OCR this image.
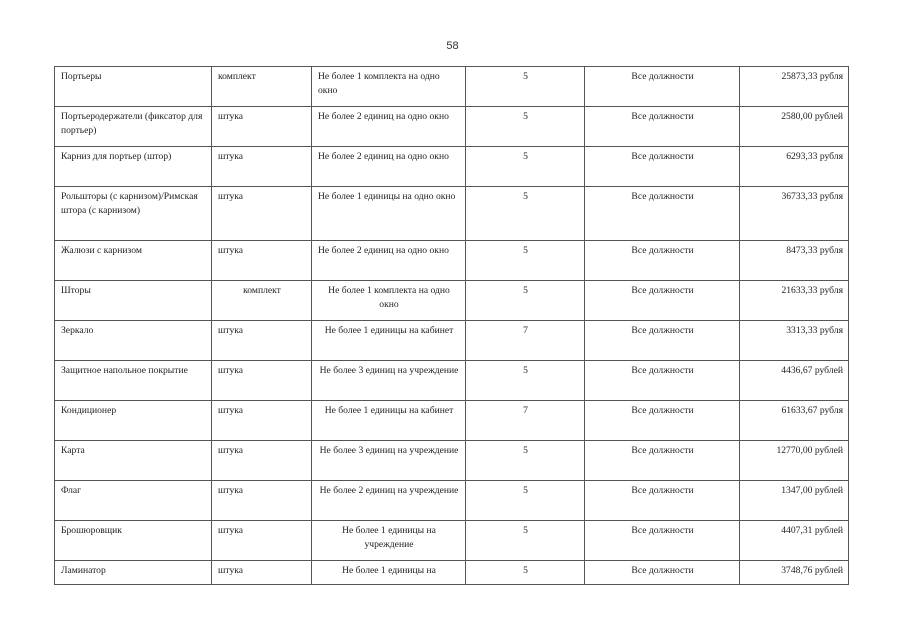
58
Портьеры	комплект	Не более 1 комплекта на одно окно	5	Все должности	25873,33 рубля
Портьеродержатели (фиксатор для портьер)	штука	Не более 2 единиц на одно окно	5	Все должности	2580,00 рублей
Карниз для портьер (штор)	штука	Не более 2 единиц на одно окно	5	Все должности	6293,33 рубля
Рольшторы (с карнизом)/Римская штора (с карнизом)	штука	Не более 1 единицы на одно окно	5	Все должности	36733,33 рубля
Жалюзи с карнизом	штука	Не более 2 единиц на одно окно	5	Все должности	8473,33 рубля
Шторы	комплект	Не более 1 комплекта на одно окно	5	Все должности	21633,33 рубля
Зеркало	штука	Не более 1 единицы на кабинет	7	Все должности	3313,33 рубля
Защитное напольное покрытие	штука	Не более 3 единиц на учреждение	5	Все должности	4436,67 рублей
Кондиционер	штука	Не более 1 единицы на кабинет	7	Все должности	61633,67 рубля
Карта	штука	Не более 3 единиц на учреждение	5	Все должности	12770,00 рублей
Флаг	штука	Не более 2 единиц на учреждение	5	Все должности	1347,00 рублей
Брошюровщик	штука	Не более 1 единицы на учреждение	5	Все должности	4407,31 рублей
Ламинатор	штука	Не более 1 единицы на	5	Все должности	3748,76 рублей
